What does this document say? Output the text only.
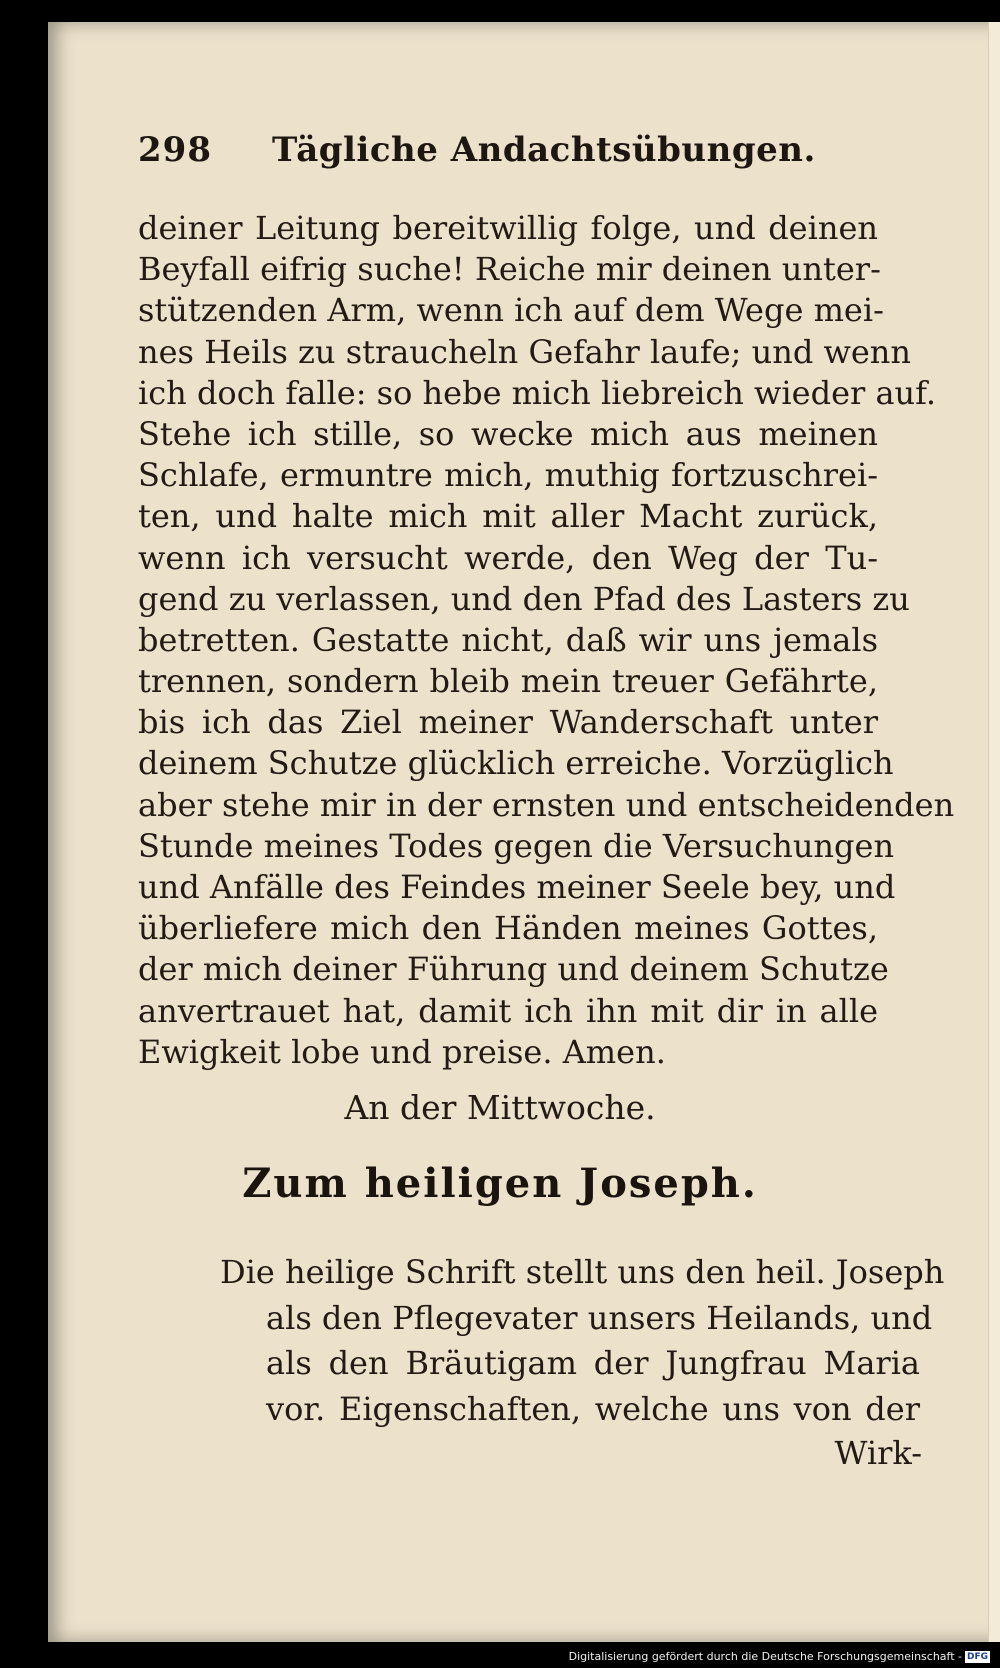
298 Tägliche Andachtsübungen.
deiner Leitung bereitwillig folge, und deinen
Beyfall eifrig suche! Reiche mir deinen unter-
stützenden Arm, wenn ich auf dem Wege mei-
nes Heils zu straucheln Gefahr laufe; und wenn
ich doch falle: so hebe mich liebreich wieder auf.
Stehe ich stille, so wecke mich aus meinen
Schlafe, ermuntre mich, muthig fortzuschrei-
ten, und halte mich mit aller Macht zurück,
wenn ich versucht werde, den Weg der Tu-
gend zu verlassen, und den Pfad des Lasters zu
betretten. Gestatte nicht, daß wir uns jemals
trennen, sondern bleib mein treuer Gefährte,
bis ich das Ziel meiner Wanderschaft unter
deinem Schutze glücklich erreiche. Vorzüglich
aber stehe mir in der ernsten und entscheidenden
Stunde meines Todes gegen die Versuchungen
und Anfälle des Feindes meiner Seele bey, und
überliefere mich den Händen meines Gottes,
der mich deiner Führung und deinem Schutze
anvertrauet hat, damit ich ihn mit dir in alle
Ewigkeit lobe und preise. Amen.
An der Mittwoche.
Zum heiligen Joseph.
Die heilige Schrift stellt uns den heil. Joseph
als den Pflegevater unsers Heilands, und
als den Bräutigam der Jungfrau Maria
vor. Eigenschaften, welche uns von der
Wirk-
Digitalisierung gefördert durch die Deutsche Forschungsgemeinschaft - DFG
